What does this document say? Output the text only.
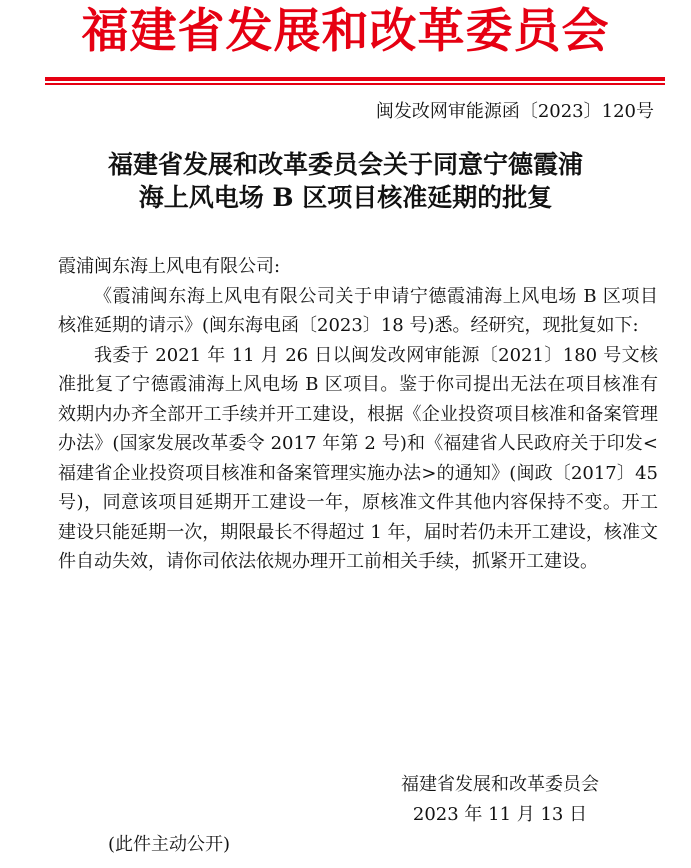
福建省发展和改革委员会
闽发改网审能源函〔2023〕120号
福建省发展和改革委员会关于同意宁德霞浦
海上风电场 B 区项目核准延期的批复

霞浦闽东海上风电有限公司:

《霞浦闽东海上风电有限公司关于申请宁德霞浦海上风电场 B 区项目核准延期的请示》(闽东海电函〔2023〕18 号)悉。经研究，现批复如下:

我委于 2021 年 11 月 26 日以闽发改网审能源〔2021〕180 号文核准批复了宁德霞浦海上风电场 B 区项目。鉴于你司提出无法在项目核准有效期内办齐全部开工手续并开工建设，根据《企业投资项目核准和备案管理办法》(国家发展改革委令 2017 年第 2 号)和《福建省人民政府关于印发<福建省企业投资项目核准和备案管理实施办法>的通知》(闽政〔2017〕45 号)，同意该项目延期开工建设一年，原核准文件其他内容保持不变。开工建设只能延期一次，期限最长不得超过 1 年，届时若仍未开工建设，核准文件自动失效，请你司依法依规办理开工前相关手续，抓紧开工建设。

福建省发展和改革委员会
2023 年 11 月 13 日
(此件主动公开)
